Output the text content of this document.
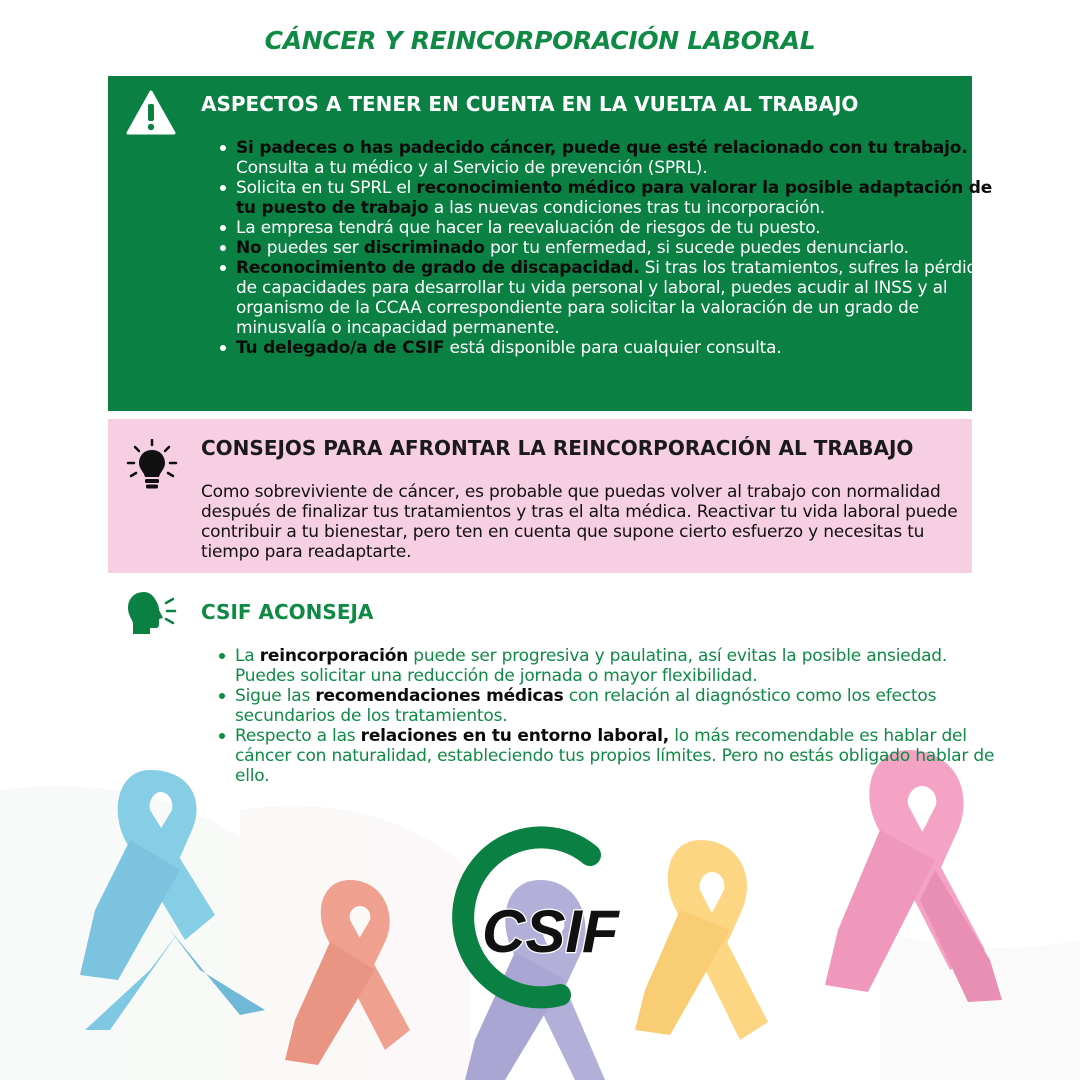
CÁNCER Y REINCORPORACIÓN LABORAL
ASPECTOS A TENER EN CUENTA EN LA VUELTA AL TRABAJO
Si padeces o has padecido cáncer, puede que esté relacionado con tu trabajo. Consulta a tu médico y al Servicio de prevención (SPRL).
Solicita en tu SPRL el reconocimiento médico para valorar la posible adaptación de tu puesto de trabajo a las nuevas condiciones tras tu incorporación.
La empresa tendrá que hacer la reevaluación de riesgos de tu puesto.
No puedes ser discriminado por tu enfermedad, si sucede puedes denunciarlo.
Reconocimiento de grado de discapacidad. Si tras los tratamientos, sufres la pérdida de capacidades para desarrollar tu vida personal y laboral, puedes acudir al INSS y al organismo de la CCAA correspondiente para solicitar la valoración de un grado de minusvalía o incapacidad permanente.
Tu delegado/a de CSIF está disponible para cualquier consulta.
CONSEJOS PARA AFRONTAR LA REINCORPORACIÓN AL TRABAJO
Como sobreviviente de cáncer, es probable que puedas volver al trabajo con normalidad después de finalizar tus tratamientos y tras el alta médica. Reactivar tu vida laboral puede contribuir a tu bienestar, pero ten en cuenta que supone cierto esfuerzo y necesitas tu tiempo para readaptarte.
CSIF ACONSEJA
La reincorporación puede ser progresiva y paulatina, así evitas la posible ansiedad. Puedes solicitar una reducción de jornada o mayor flexibilidad.
Sigue las recomendaciones médicas con relación al diagnóstico como los efectos secundarios de los tratamientos.
Respecto a las relaciones en tu entorno laboral, lo más recomendable es hablar del cáncer con naturalidad, estableciendo tus propios límites. Pero no estás obligado hablar de ello.
CSIF
